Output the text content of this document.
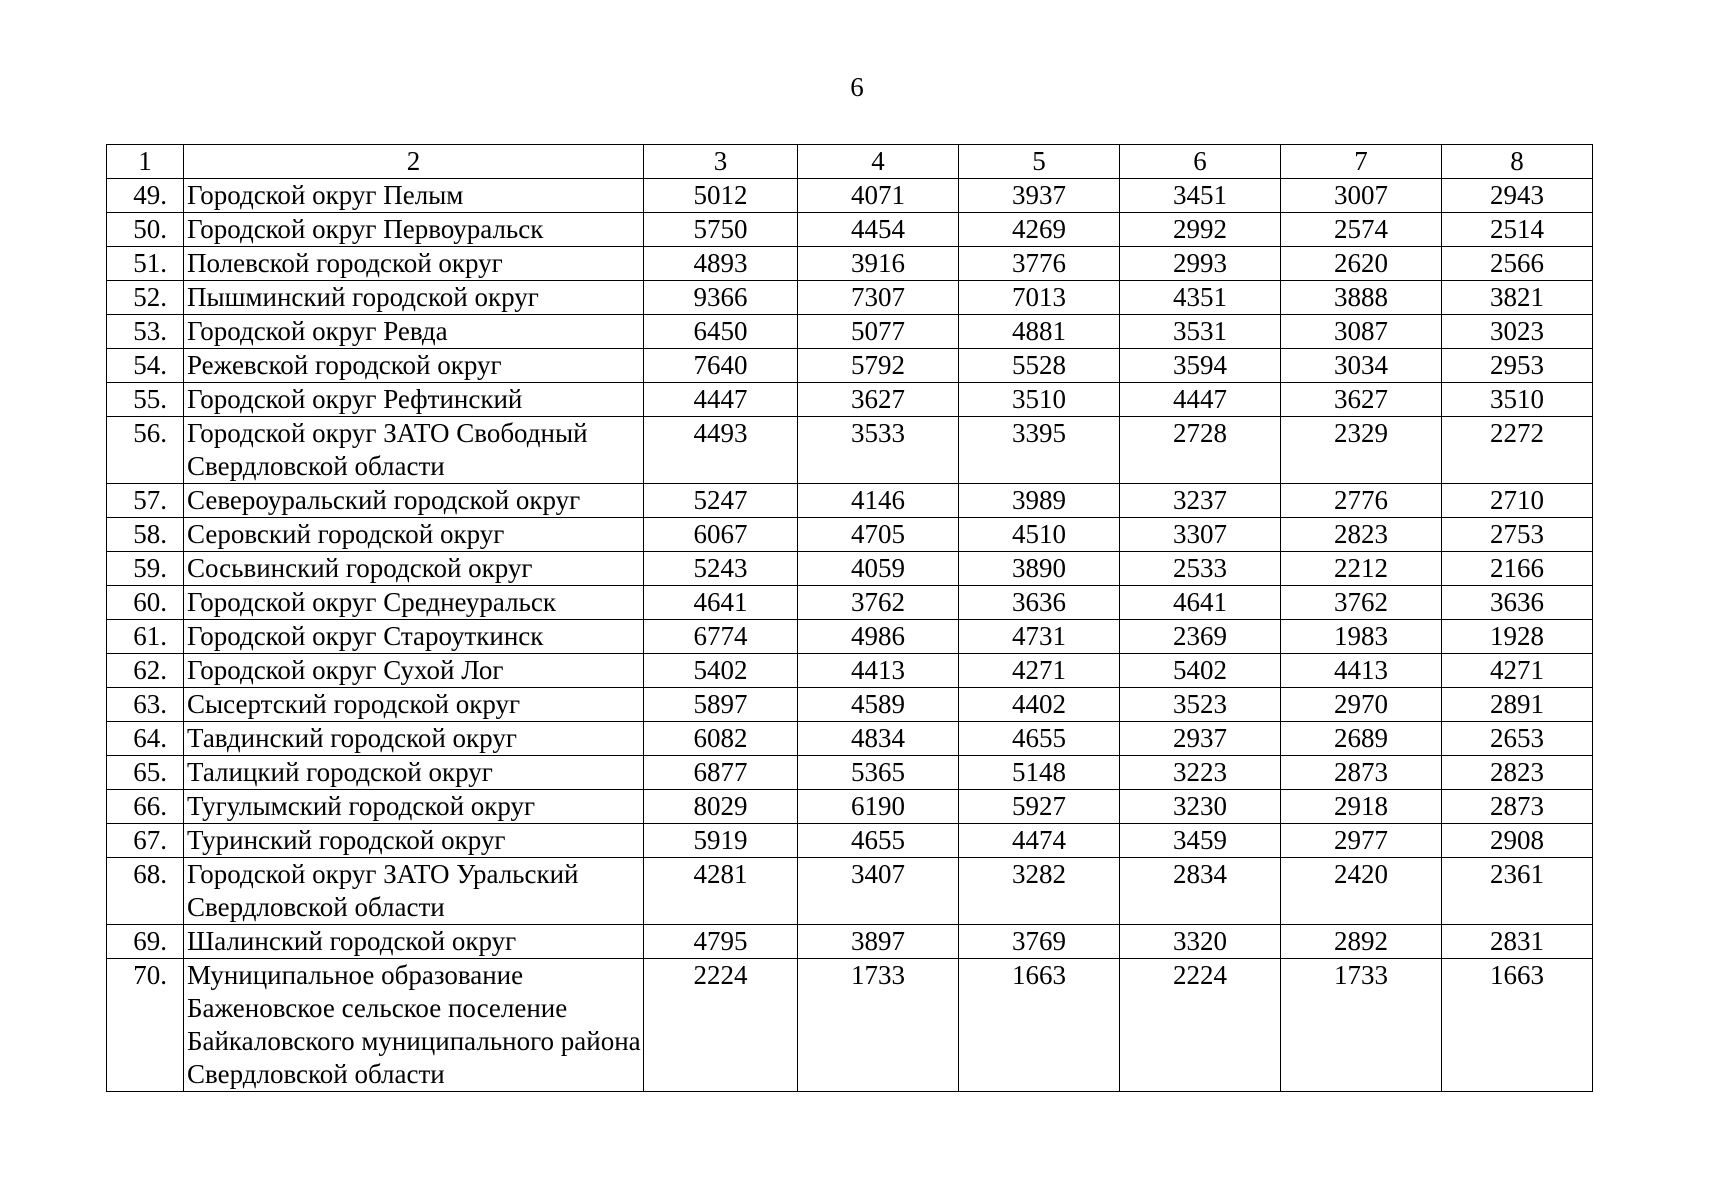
6
1	2	3	4	5	6	7	8
49.	Городской округ Пелым	5012	4071	3937	3451	3007	2943
50.	Городской округ Первоуральск	5750	4454	4269	2992	2574	2514
51.	Полевской городской округ	4893	3916	3776	2993	2620	2566
52.	Пышминский городской округ	9366	7307	7013	4351	3888	3821
53.	Городской округ Ревда	6450	5077	4881	3531	3087	3023
54.	Режевской городской округ	7640	5792	5528	3594	3034	2953
55.	Городской округ Рефтинский	4447	3627	3510	4447	3627	3510
56.	Городской округ ЗАТО Свободный Свердловской области	4493	3533	3395	2728	2329	2272
57.	Североуральский городской округ	5247	4146	3989	3237	2776	2710
58.	Серовский городской округ	6067	4705	4510	3307	2823	2753
59.	Сосьвинский городской округ	5243	4059	3890	2533	2212	2166
60.	Городской округ Среднеуральск	4641	3762	3636	4641	3762	3636
61.	Городской округ Староуткинск	6774	4986	4731	2369	1983	1928
62.	Городской округ Сухой Лог	5402	4413	4271	5402	4413	4271
63.	Сысертский городской округ	5897	4589	4402	3523	2970	2891
64.	Тавдинский городской округ	6082	4834	4655	2937	2689	2653
65.	Талицкий городской округ	6877	5365	5148	3223	2873	2823
66.	Тугулымский городской округ	8029	6190	5927	3230	2918	2873
67.	Туринский городской округ	5919	4655	4474	3459	2977	2908
68.	Городской округ ЗАТО Уральский Свердловской области	4281	3407	3282	2834	2420	2361
69.	Шалинский городской округ	4795	3897	3769	3320	2892	2831
70.	Муниципальное образование Баженовское сельское поселение Байкаловского муниципального района Свердловской области	2224	1733	1663	2224	1733	1663
